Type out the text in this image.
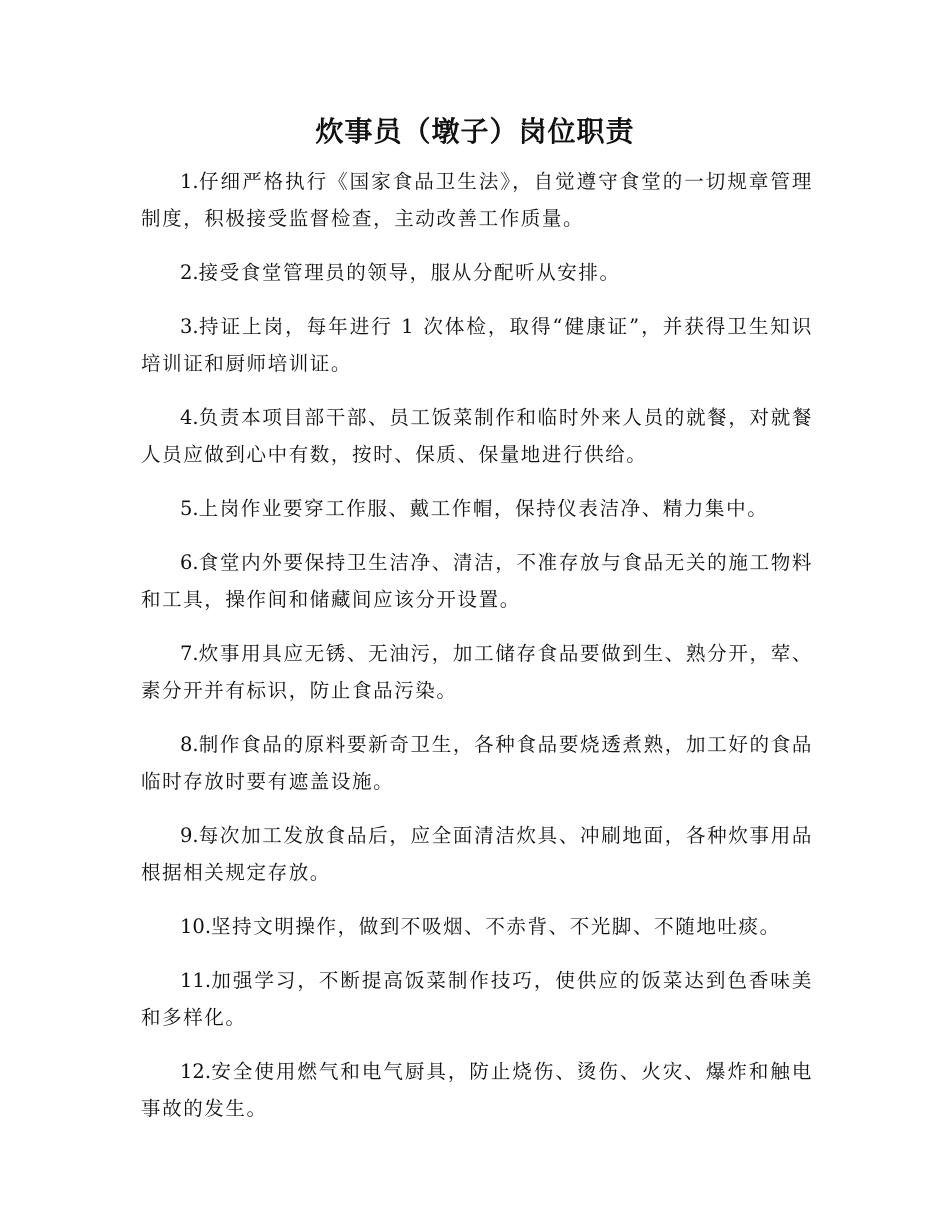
炊事员（墩子）岗位职责
1.仔细严格执行《国家食品卫生法》，自觉遵守食堂的一切规章管理制度，积极接受监督检查，主动改善工作质量。
2.接受食堂管理员的领导，服从分配听从安排。
3.持证上岗，每年进行 1 次体检，取得“健康证”，并获得卫生知识培训证和厨师培训证。
4.负责本项目部干部、员工饭菜制作和临时外来人员的就餐，对就餐人员应做到心中有数，按时、保质、保量地进行供给。
5.上岗作业要穿工作服、戴工作帽，保持仪表洁净、精力集中。
6.食堂内外要保持卫生洁净、清洁，不准存放与食品无关的施工物料和工具，操作间和储藏间应该分开设置。
7.炊事用具应无锈、无油污，加工储存食品要做到生、熟分开，荤、素分开并有标识，防止食品污染。
8.制作食品的原料要新奇卫生，各种食品要烧透煮熟，加工好的食品临时存放时要有遮盖设施。
9.每次加工发放食品后，应全面清洁炊具、冲刷地面，各种炊事用品根据相关规定存放。
10.坚持文明操作，做到不吸烟、不赤背、不光脚、不随地吐痰。
11.加强学习，不断提高饭菜制作技巧，使供应的饭菜达到色香味美和多样化。
12.安全使用燃气和电气厨具，防止烧伤、烫伤、火灾、爆炸和触电事故的发生。
